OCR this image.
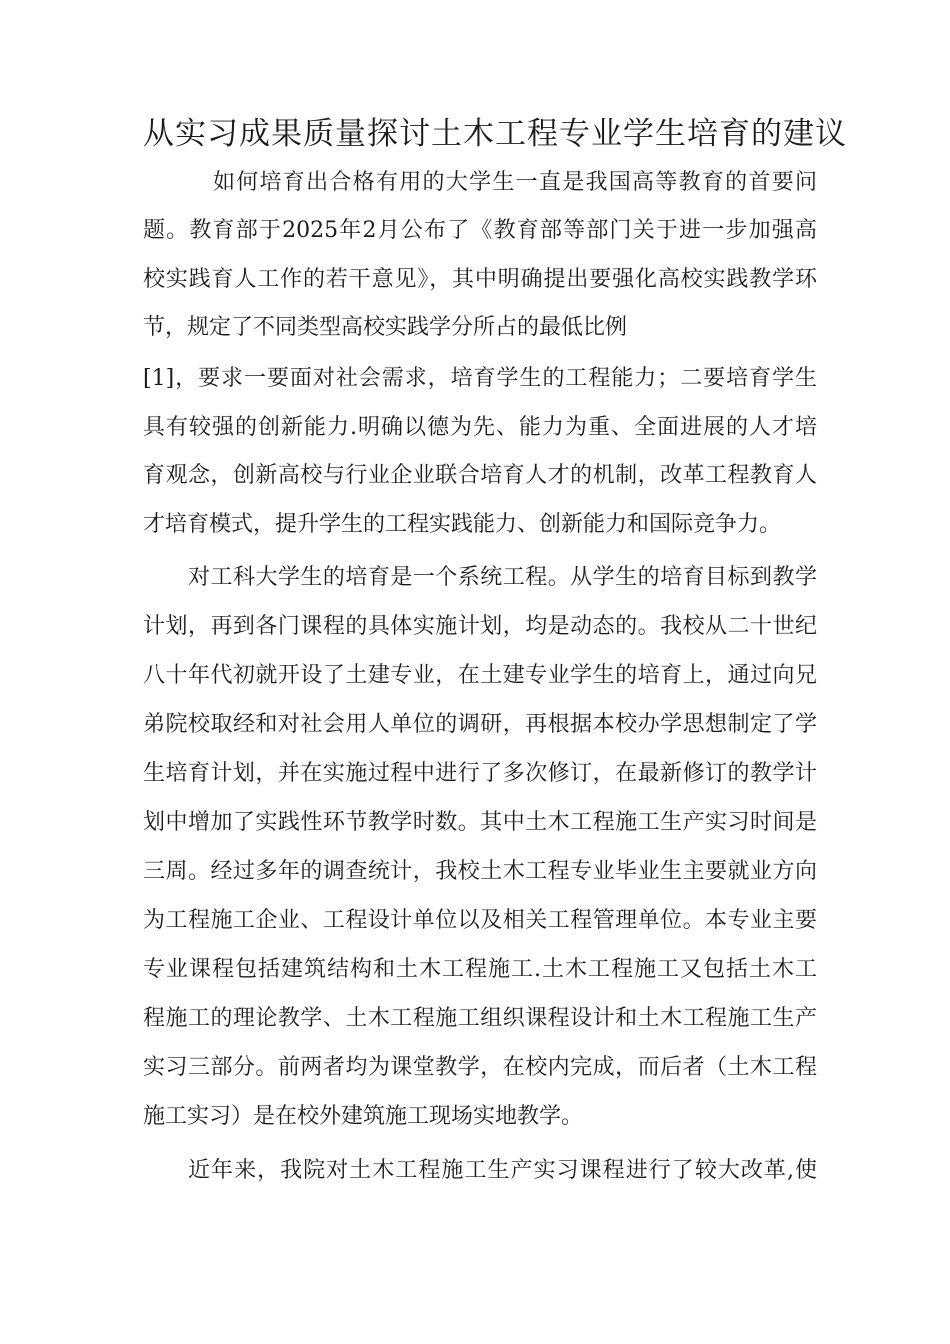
从实习成果质量探讨土木工程专业学生培育的建议
如何培育出合格有用的大学生一直是我国高等教育的首要问
题。教育部于2025年2月公布了《教育部等部门关于进一步加强高
校实践育人工作的若干意见》，其中明确提出要强化高校实践教学环
节，规定了不同类型高校实践学分所占的最低比例
[1]，要求一要面对社会需求，培育学生的工程能力；二要培育学生
具有较强的创新能力.明确以德为先、能力为重、全面进展的人才培
育观念，创新高校与行业企业联合培育人才的机制，改革工程教育人
才培育模式，提升学生的工程实践能力、创新能力和国际竞争力。
对工科大学生的培育是一个系统工程。从学生的培育目标到教学
计划，再到各门课程的具体实施计划，均是动态的。我校从二十世纪
八十年代初就开设了土建专业，在土建专业学生的培育上，通过向兄
弟院校取经和对社会用人单位的调研，再根据本校办学思想制定了学
生培育计划，并在实施过程中进行了多次修订，在最新修订的教学计
划中增加了实践性环节教学时数。其中土木工程施工生产实习时间是
三周。经过多年的调查统计，我校土木工程专业毕业生主要就业方向
为工程施工企业、工程设计单位以及相关工程管理单位。本专业主要
专业课程包括建筑结构和土木工程施工.土木工程施工又包括土木工
程施工的理论教学、土木工程施工组织课程设计和土木工程施工生产
实习三部分。前两者均为课堂教学，在校内完成，而后者（土木工程
施工实习）是在校外建筑施工现场实地教学。
近年来，我院对土木工程施工生产实习课程进行了较大改革,使
